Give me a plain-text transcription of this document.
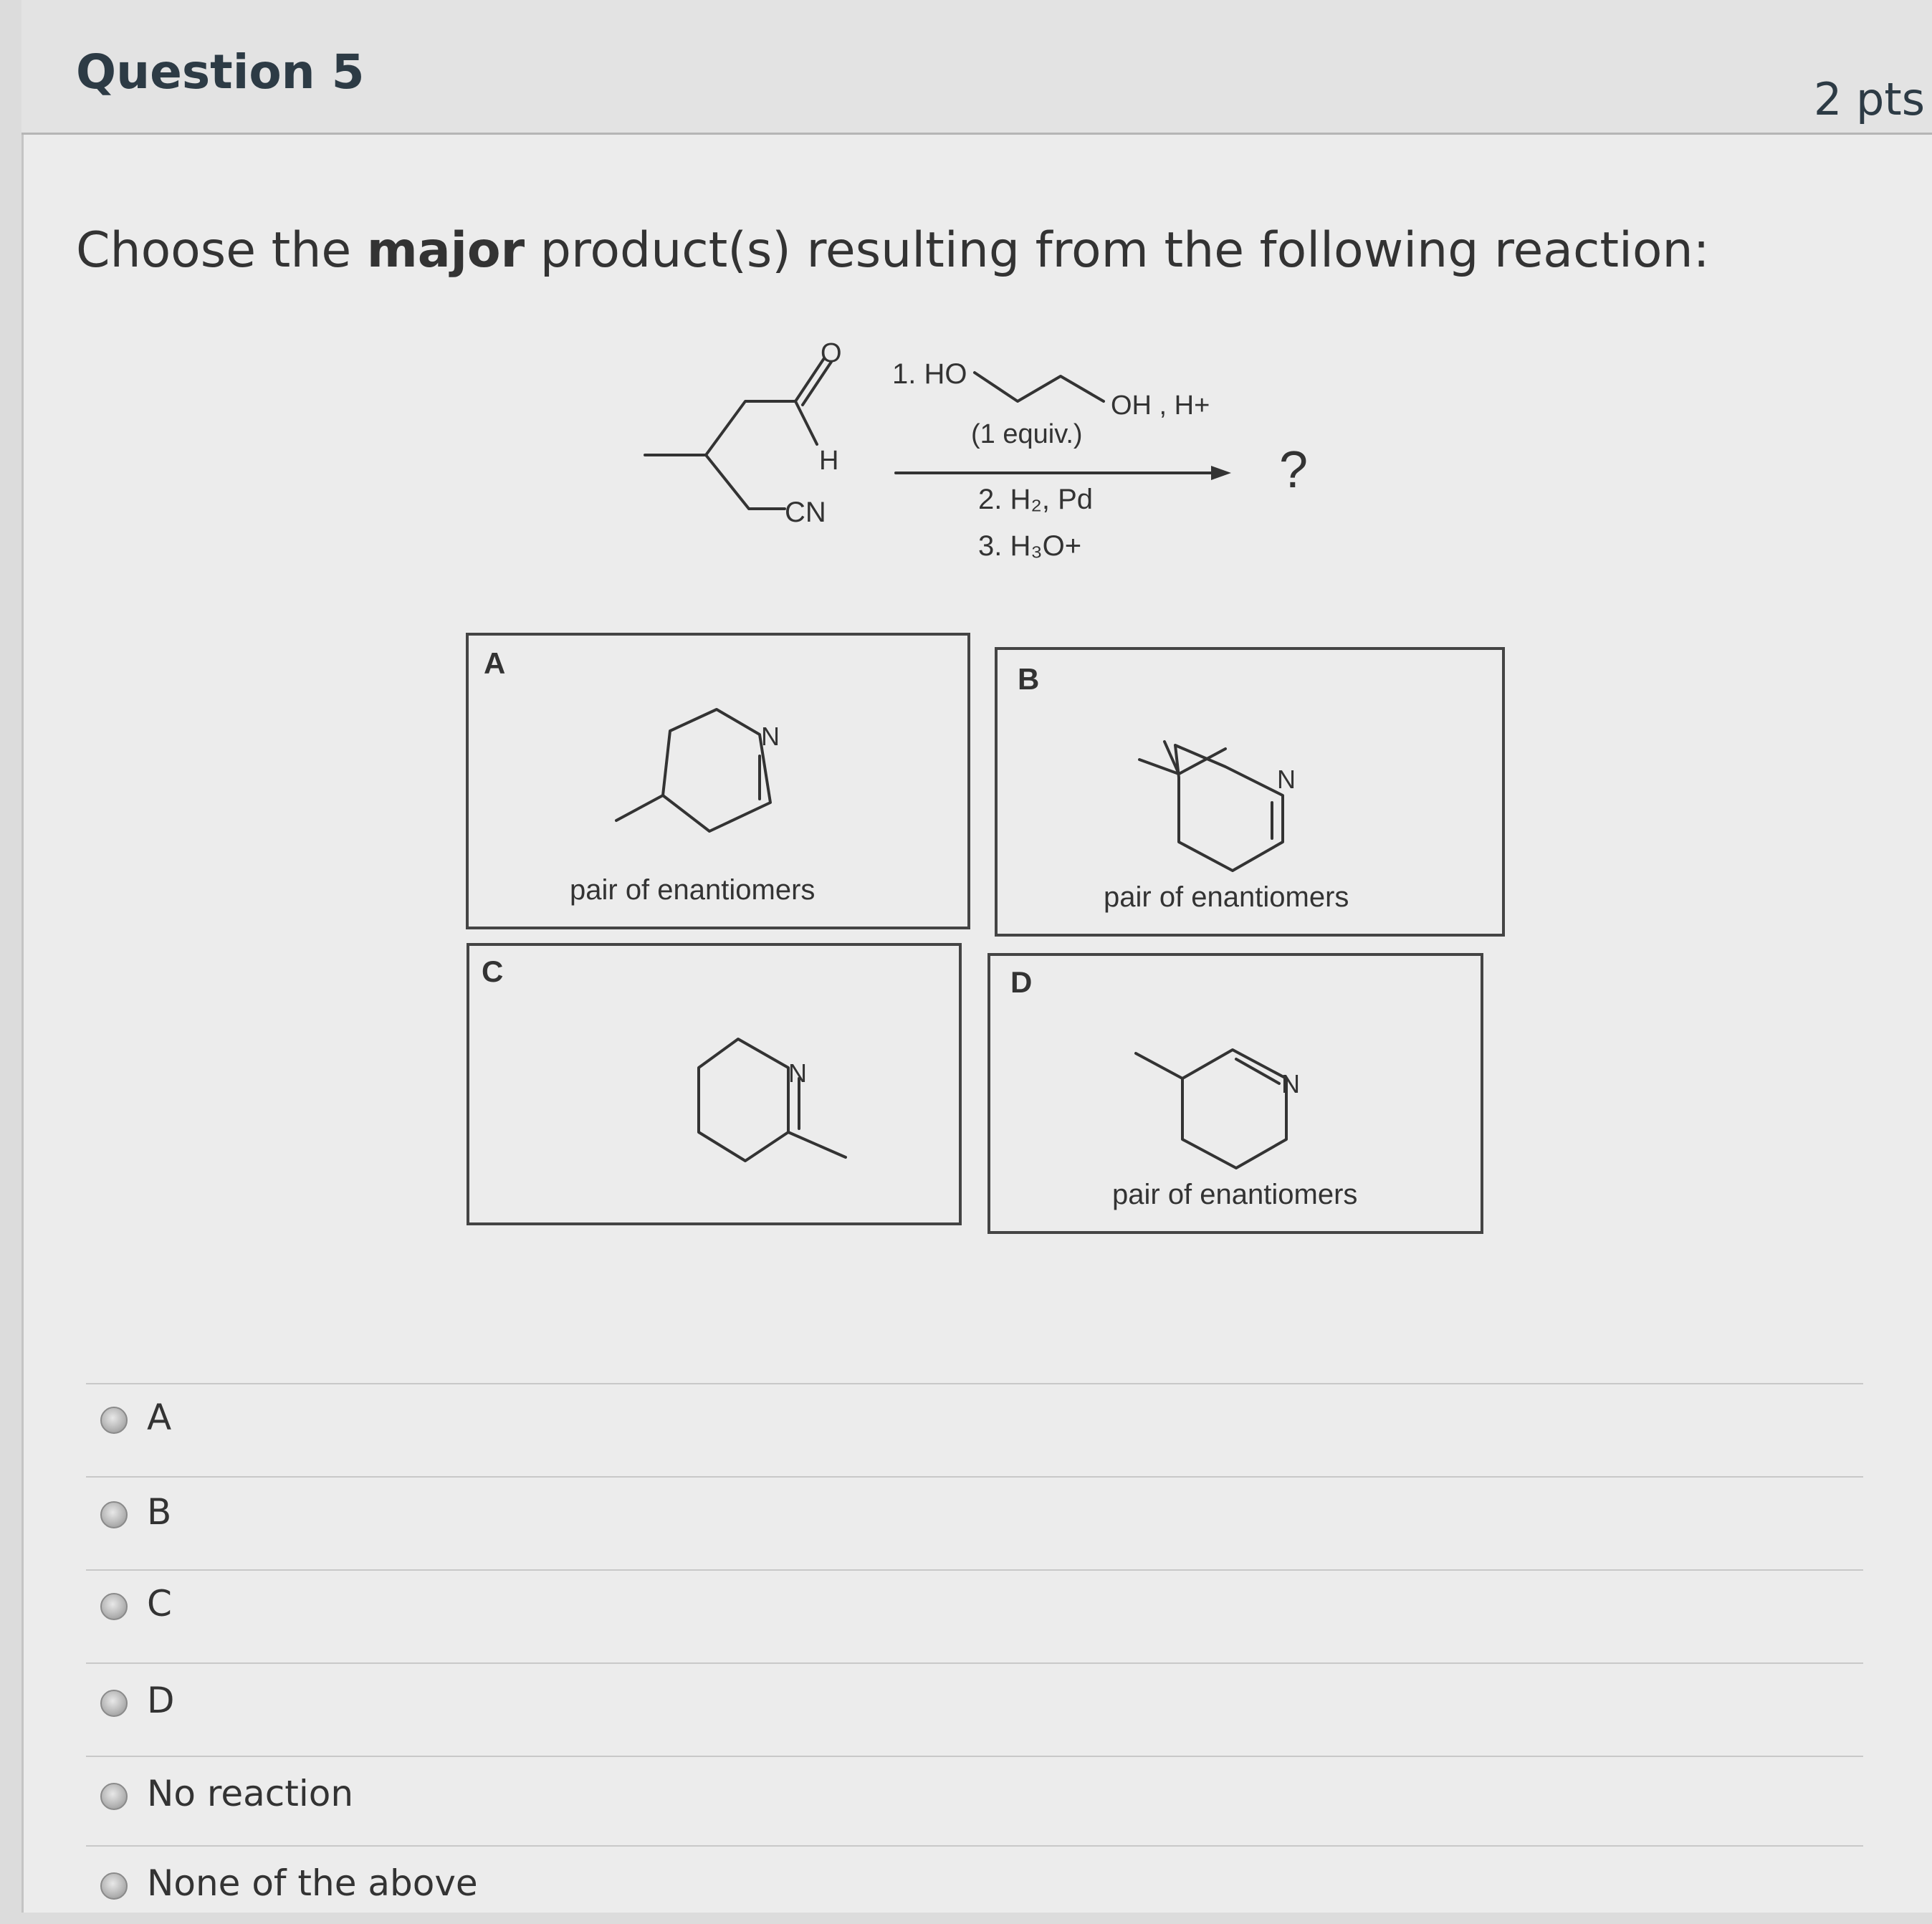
Question 5	2 pts
Choose the major product(s) resulting from the following reaction:
O
H
CN
1. HO
OH , H+
(1 equiv.)
2. H₂, Pd
3. H₃O+
?
A
N
pair of enantiomers
B
N
pair of enantiomers
C
N
D
N
pair of enantiomers
A
B
C
D
No reaction
None of the above
